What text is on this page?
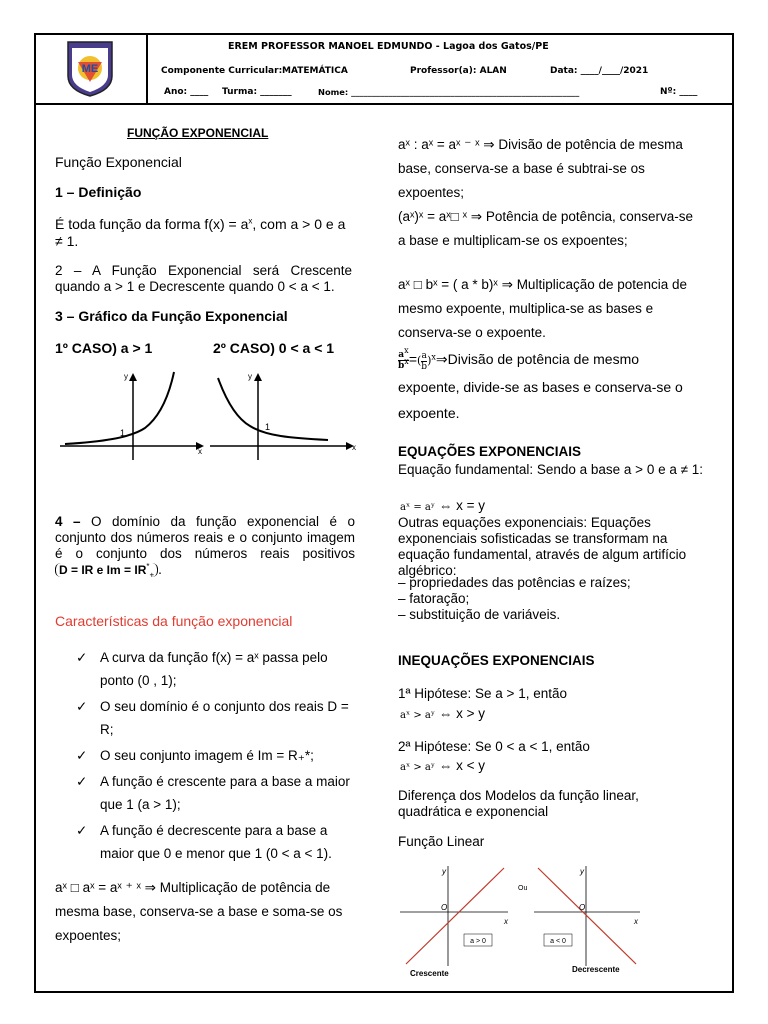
ME
EREM PROFESSOR MANOEL EDMUNDO - Lagoa dos Gatos/PE
Componente Curricular: MATEMÁTICA	Professor(a): ALAN	Data: ____/____/2021
Ano: ____ Turma: _______	Nome: _______________________________________________________	Nº: ____
FUNÇÃO EXPONENCIAL
Função Exponencial
1 – Definição
É toda função da forma $f(x) = a^x$, com a > 0 e a
≠ 1.
2 – A Função Exponencial será Crescente quando a > 1 e Decrescente quando 0 < a < 1.
3 – Gráfico da Função Exponencial
1º CASO) a > 1	2º CASO) 0 < a < 1
y
x
1
y
x
1
4 – O domínio da função exponencial é o conjunto dos números reais e o conjunto imagem é o conjunto dos números reais positivos D = IR e $Im = IR^*_+$ .
Características da função exponencial
✓ A curva da função f(x) = aˣ passa pelo ponto (0 , 1);
✓ O seu domínio é o conjunto dos reais D = R;
✓ O seu conjunto imagem é Im = R₊*;
✓ A função é crescente para a base a maior que 1 (a > 1);
✓ A função é decrescente para a base a maior que 0 e menor que 1 (0 < a < 1).
aˣ □ aˣ = aˣ ⁺ ˣ ⇒ Multiplicação de potência de mesma base, conserva-se a base e soma-se os expoentes;
aˣ : aˣ = aˣ ⁻ ˣ ⇒ Divisão de potência de mesma base, conserva-se a base é subtrai-se os expoentes;
(aˣ)ˣ = aˣ□ ˣ ⇒ Potência de potência, conserva-se a base e multiplicam-se os expoentes;
aˣ □ bˣ = ( a * b)ˣ ⇒ Multiplicação de potencia de mesmo expoente, multiplica-se as bases e conserva-se o expoente.
$\frac{a^x}{b^x}$ =( $\frac{a}{b}$ )$^x$⇒Divisão de potência de mesmo expoente, divide-se as bases e conserva-se o expoente.
EQUAÇÕES EXPONENCIAIS
Equação fundamental: Sendo a base a > 0 e a ≠ 1:
aˣ = aʸ ⇔ x = y
Outras equações exponenciais: Equações exponenciais sofisticadas se transformam na equação fundamental, através de algum artifício algébrico:
– propriedades das potências e raízes;
– fatoração;
– substituição de variáveis.
INEQUAÇÕES EXPONENCIAIS
1ª Hipótese: Se a > 1, então
aˣ > aʸ ⇔ x > y
2ª Hipótese: Se 0 < a < 1, então
aˣ > aʸ ⇔ x < y
Diferença dos Modelos da função linear, quadrática e exponencial
Função Linear
a > 0
y
x
O
Crescente
Ou
a < 0
y
x
O
Decrescente
